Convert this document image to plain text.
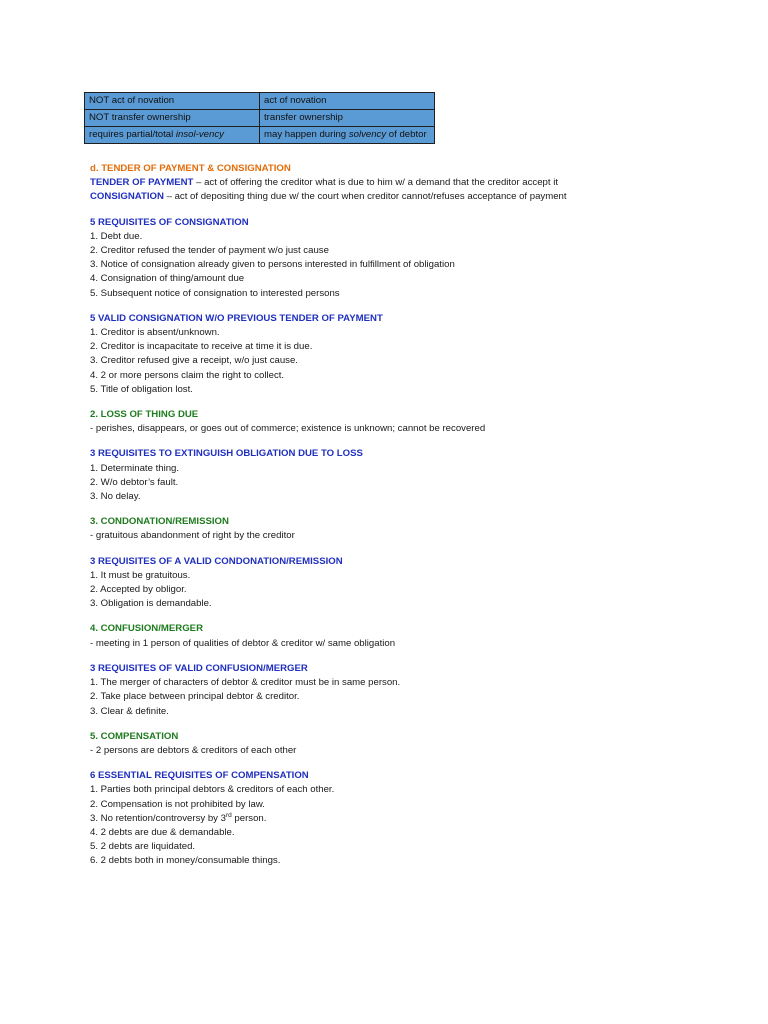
NOT act of novation	act of novation
NOT transfer ownership	transfer ownership
requires partial/total insol-vency	may happen during solvency of debtor
d. TENDER OF PAYMENT & CONSIGNATION
TENDER OF PAYMENT – act of offering the creditor what is due to him w/ a demand that the creditor accept it
CONSIGNATION – act of depositing thing due w/ the court when creditor cannot/refuses acceptance of payment
5 REQUISITES OF CONSIGNATION
1. Debt due.
2. Creditor refused the tender of payment w/o just cause
3. Notice of consignation already given to persons interested in fulfillment of obligation
4. Consignation of thing/amount due
5. Subsequent notice of consignation to interested persons
5 VALID CONSIGNATION W/O PREVIOUS TENDER OF PAYMENT
1. Creditor is absent/unknown.
2. Creditor is incapacitate to receive at time it is due.
3. Creditor refused give a receipt, w/o just cause.
4. 2 or more persons claim the right to collect.
5. Title of obligation lost.
2. LOSS OF THING DUE
- perishes, disappears, or goes out of commerce; existence is unknown; cannot be recovered
3 REQUISITES TO EXTINGUISH OBLIGATION DUE TO LOSS
1. Determinate thing.
2. W/o debtor’s fault.
3. No delay.
3. CONDONATION/REMISSION
- gratuitous abandonment of right by the creditor
3 REQUISITES OF A VALID CONDONATION/REMISSION
1. It must be gratuitous.
2. Accepted by obligor.
3. Obligation is demandable.
4. CONFUSION/MERGER
- meeting in 1 person of qualities of debtor & creditor w/ same obligation
3 REQUISITES OF VALID CONFUSION/MERGER
1. The merger of characters of debtor & creditor must be in same person.
2. Take place between principal debtor & creditor.
3. Clear & definite.
5. COMPENSATION
- 2 persons are debtors & creditors of each other
6 ESSENTIAL REQUISITES OF COMPENSATION
1. Parties both principal debtors & creditors of each other.
2. Compensation is not prohibited by law.
3. No retention/controversy by 3rd person.
4. 2 debts are due & demandable.
5. 2 debts are liquidated.
6. 2 debts both in money/consumable things.
